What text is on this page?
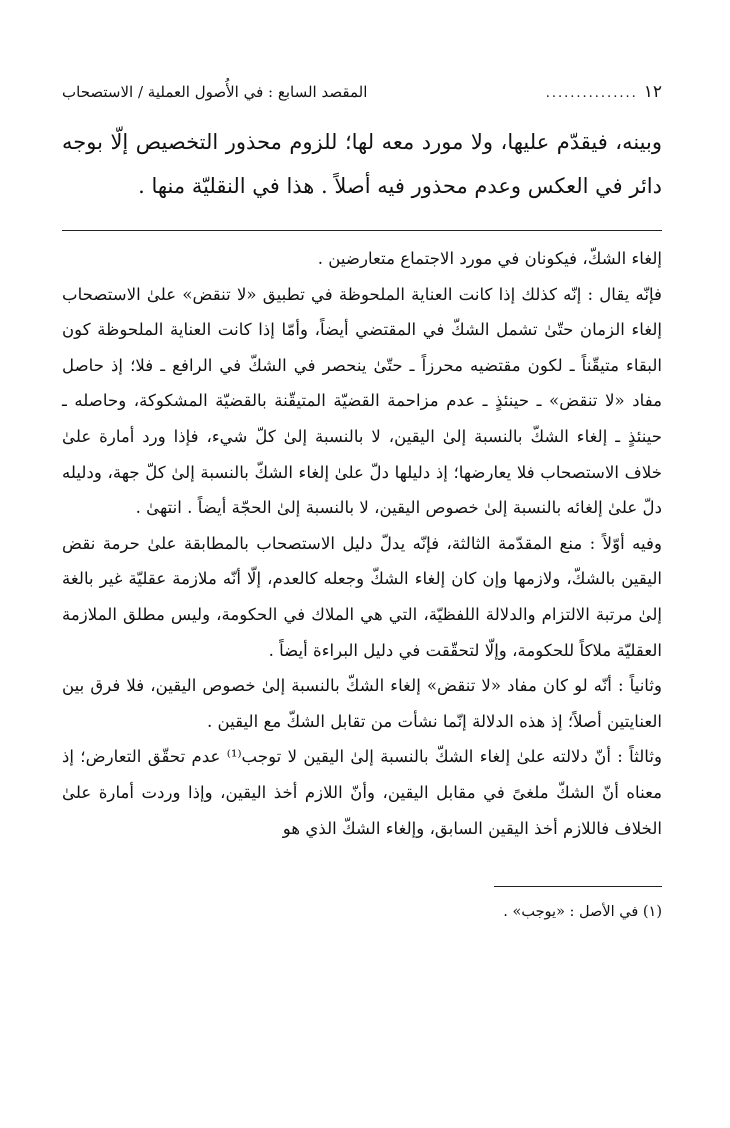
١٢
...............
المقصد السابع : في الأُصول العملية / الاستصحاب
وبينه، فيقدّم عليها، ولا مورد معه لها؛ للزوم محذور التخصيص إلّا بوجه دائر في العكس وعدم محذور فيه أصلاً . هذا في النقليّة منها .

إلغاء الشكّ، فيكونان في مورد الاجتماع متعارضين .

فإنّه يقال : إنّه كذلك إذا كانت العناية الملحوظة في تطبيق «لا تنقض» علىٰ الاستصحاب إلغاء الزمان حتّىٰ تشمل الشكّ في المقتضي أيضاً، وأمّا إذا كانت العناية الملحوظة كون البقاء متيقّناً ـ لكون مقتضيه محرزاً ـ حتّىٰ ينحصر في الشكّ في الرافع ـ فلا؛ إذ حاصل مفاد «لا تنقض» ـ حينئذٍ ـ عدم مزاحمة القضيّة المتيقّنة بالقضيّة المشكوكة، وحاصله ـ حينئذٍ ـ إلغاء الشكّ بالنسبة إلىٰ اليقين، لا بالنسبة إلىٰ كلّ شيء، فإذا ورد أمارة علىٰ خلاف الاستصحاب فلا يعارضها؛ إذ دليلها دلّ علىٰ إلغاء الشكّ بالنسبة إلىٰ كلّ جهة، ودليله دلّ علىٰ إلغائه بالنسبة إلىٰ خصوص اليقين، لا بالنسبة إلىٰ الحجّة أيضاً . انتهىٰ .

وفيه أوّلاً : منع المقدّمة الثالثة، فإنّه يدلّ دليل الاستصحاب بالمطابقة علىٰ حرمة نقض اليقين بالشكّ، ولازمها وإن كان إلغاء الشكّ وجعله كالعدم، إلّا أنّه ملازمة عقليّة غير بالغة إلىٰ مرتبة الالتزام والدلالة اللفظيّة، التي هي الملاك في الحكومة، وليس مطلق الملازمة العقليّة ملاكاً للحكومة، وإلّا لتحقّقت في دليل البراءة أيضاً .

وثانياً : أنّه لو كان مفاد «لا تنقض» إلغاء الشكّ بالنسبة إلىٰ خصوص اليقين، فلا فرق بين العنايتين أصلاً؛ إذ هذه الدلالة إنّما نشأت من تقابل الشكّ مع اليقين .

وثالثاً : أنّ دلالته علىٰ إلغاء الشكّ بالنسبة إلىٰ اليقين لا توجب⁽¹⁾ عدم تحقّق التعارض؛ إذ معناه أنّ الشكّ ملغىً في مقابل اليقين، وأنّ اللازم أخذ اليقين، وإذا وردت أمارة علىٰ الخلاف فاللازم أخذ اليقين السابق، وإلغاء الشكّ الذي هو

(١) في الأصل : «يوجب» .
